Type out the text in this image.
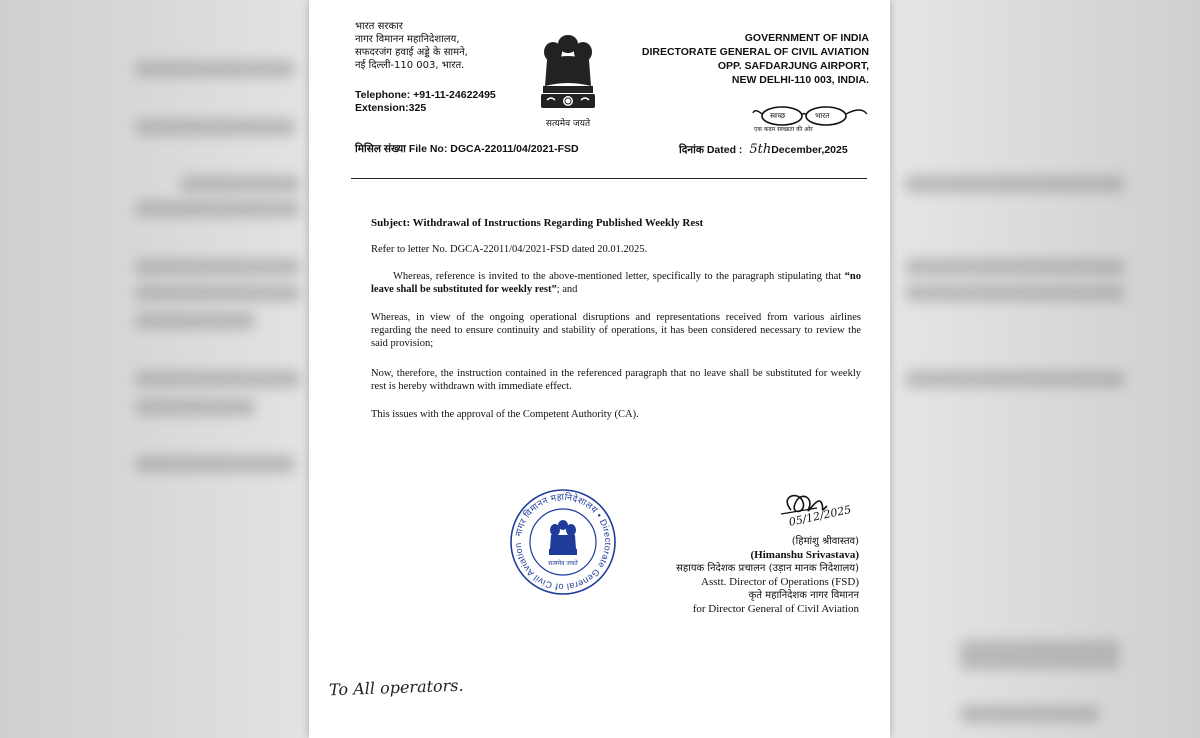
भारत सरकार
नागर विमानन महानिदेशालय,
सफदरजंग हवाई अड्डे के सामने,
नई दिल्ली-110 003, भारत.
Telephone: +91-11-24622495
Extension:325
सत्यमेव जयते
GOVERNMENT OF INDIA
DIRECTORATE GENERAL OF CIVIL AVIATION
OPP. SAFDARJUNG AIRPORT,
NEW DELHI-110 003, INDIA.
स्वच्छ	भारत
एक कदम स्वच्छता की ओर
मिसिल संख्या File No: DGCA-22011/04/2021-FSD	दिनांक Dated : 5thDecember,2025
Subject: Withdrawal of Instructions Regarding Published Weekly Rest
Refer to letter No. DGCA-22011/04/2021-FSD dated 20.01.2025.
Whereas, reference is invited to the above-mentioned letter, specifically to the paragraph stipulating that “no leave shall be substituted for weekly rest”; and
Whereas, in view of the ongoing operational disruptions and representations received from various airlines regarding the need to ensure continuity and stability of operations, it has been considered necessary to review the said provision;
Now, therefore, the instruction contained in the referenced paragraph that no leave shall be substituted for weekly rest is hereby withdrawn with immediate effect.
This issues with the approval of the Competent Authority (CA).
नागर विमानन महानिदेशालय • Directorate General of Civil Aviation
सत्यमेव जयते
05/12/2025
(हिमांशु श्रीवास्तव)
(Himanshu Srivastava)
सहायक निदेशक प्रचालन (उड़ान मानक निदेशालय)
Asstt. Director of Operations (FSD)
कृते महानिदेशक नागर विमानन
for Director General of Civil Aviation
To All operators.
